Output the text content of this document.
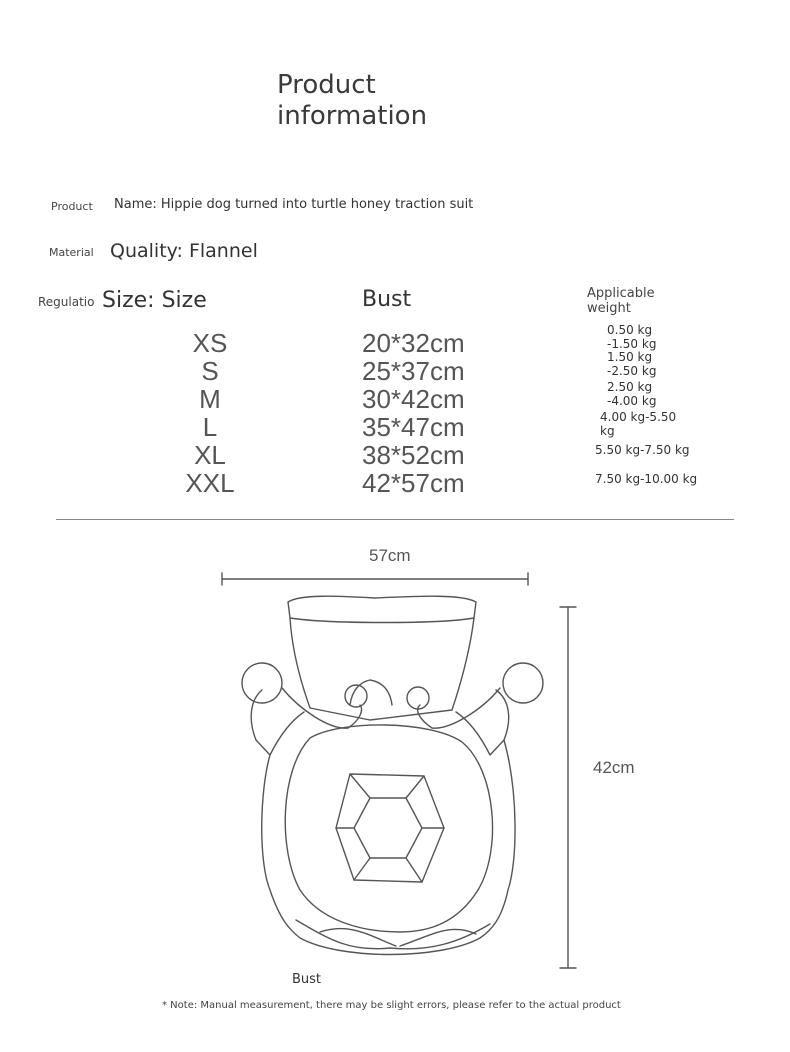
Product information
Product Name: Hippie dog turned into turtle honey traction suit
Material Quality: Flannel
Regulatio Size: Size	Bust	Applicable weight
XS
S
M
L
XL
XXL
20*32cm
25*37cm
30*42cm
35*47cm
38*52cm
42*57cm
0.50 kg -1.50 kg
1.50 kg -2.50 kg
2.50 kg -4.00 kg
4.00 kg-5.50 kg
5.50 kg-7.50 kg
7.50 kg-10.00 kg
57cm
42cm
Bust
* Note: Manual measurement, there may be slight errors, please refer to the actual product
